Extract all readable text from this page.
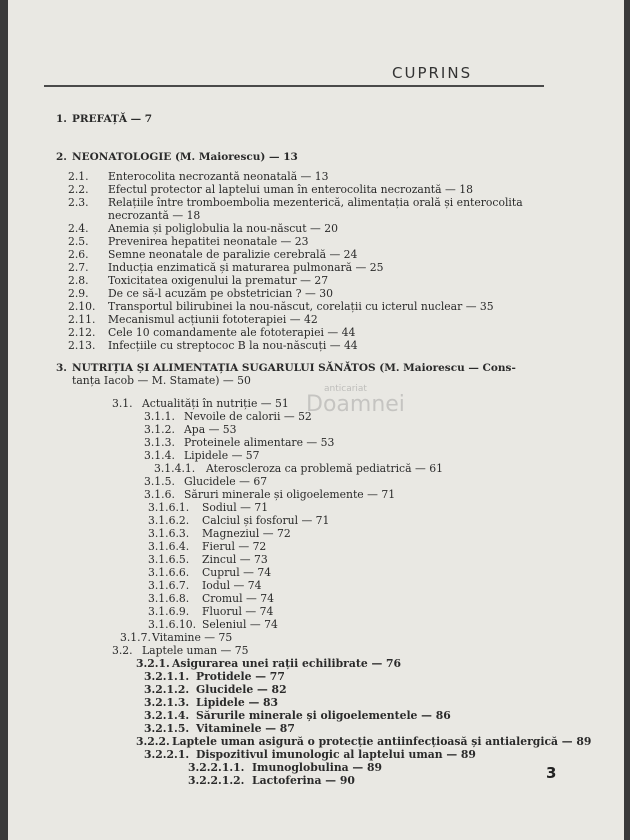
CUPRINS
anticariat
Doamnei
1. PREFAȚĂ — 7
2. NEONATOLOGIE (M. Maiorescu) — 13
2.1. Enterocolita necrozantă neonatală — 13
2.2. Efectul protector al laptelui uman în enterocolita necrozantă — 18
2.3. Relațiile între tromboembolia mezenterică, alimentația orală și enterocolita
necrozantă — 18
2.4. Anemia și poliglobulia la nou-născut — 20
2.5. Prevenirea hepatitei neonatale — 23
2.6. Semne neonatale de paralizie cerebrală — 24
2.7. Inducția enzimatică și maturarea pulmonară — 25
2.8. Toxicitatea oxigenului la prematur — 27
2.9. De ce să-l acuzăm pe obstetrician ? — 30
2.10. Transportul bilirubinei la nou-născut, corelații cu icterul nuclear — 35
2.11. Mecanismul acțiunii fototerapiei — 42
2.12. Cele 10 comandamente ale fototerapiei — 44
2.13. Infecțiile cu streptococ B la nou-născuți — 44
3. NUTRIȚIA ȘI ALIMENTAȚIA SUGARULUI SĂNĂTOS (M. Maiorescu — Cons-
tanța Iacob — M. Stamate) — 50
3.1. Actualități în nutriție — 51
3.1.1. Nevoile de calorii — 52
3.1.2. Apa — 53
3.1.3. Proteinele alimentare — 53
3.1.4. Lipidele — 57
3.1.4.1. Ateroscleroza ca problemă pediatrică — 61
3.1.5. Glucidele — 67
3.1.6. Săruri minerale și oligoelemente — 71
3.1.6.1. Sodiul — 71
3.1.6.2. Calciul și fosforul — 71
3.1.6.3. Magneziul — 72
3.1.6.4. Fierul — 72
3.1.6.5. Zincul — 73
3.1.6.6. Cuprul — 74
3.1.6.7. Iodul — 74
3.1.6.8. Cromul — 74
3.1.6.9. Fluorul — 74
3.1.6.10. Seleniul — 74
3.1.7.Vitamine — 75
3.2. Laptele uman — 75
3.2.1. Asigurarea unei rații echilibrate — 76
3.2.1.1. Protidele — 77
3.2.1.2. Glucidele — 82
3.2.1.3. Lipidele — 83
3.2.1.4. Sărurile minerale și oligoelementele — 86
3.2.1.5. Vitaminele — 87
3.2.2. Laptele uman asigură o protecție antiinfecțioasă și antialergică — 89
3.2.2.1. Dispozitivul imunologic al laptelui uman — 89
3.2.2.1.1. Imunoglobulina — 89
3.2.2.1.2. Lactoferina — 90	3
